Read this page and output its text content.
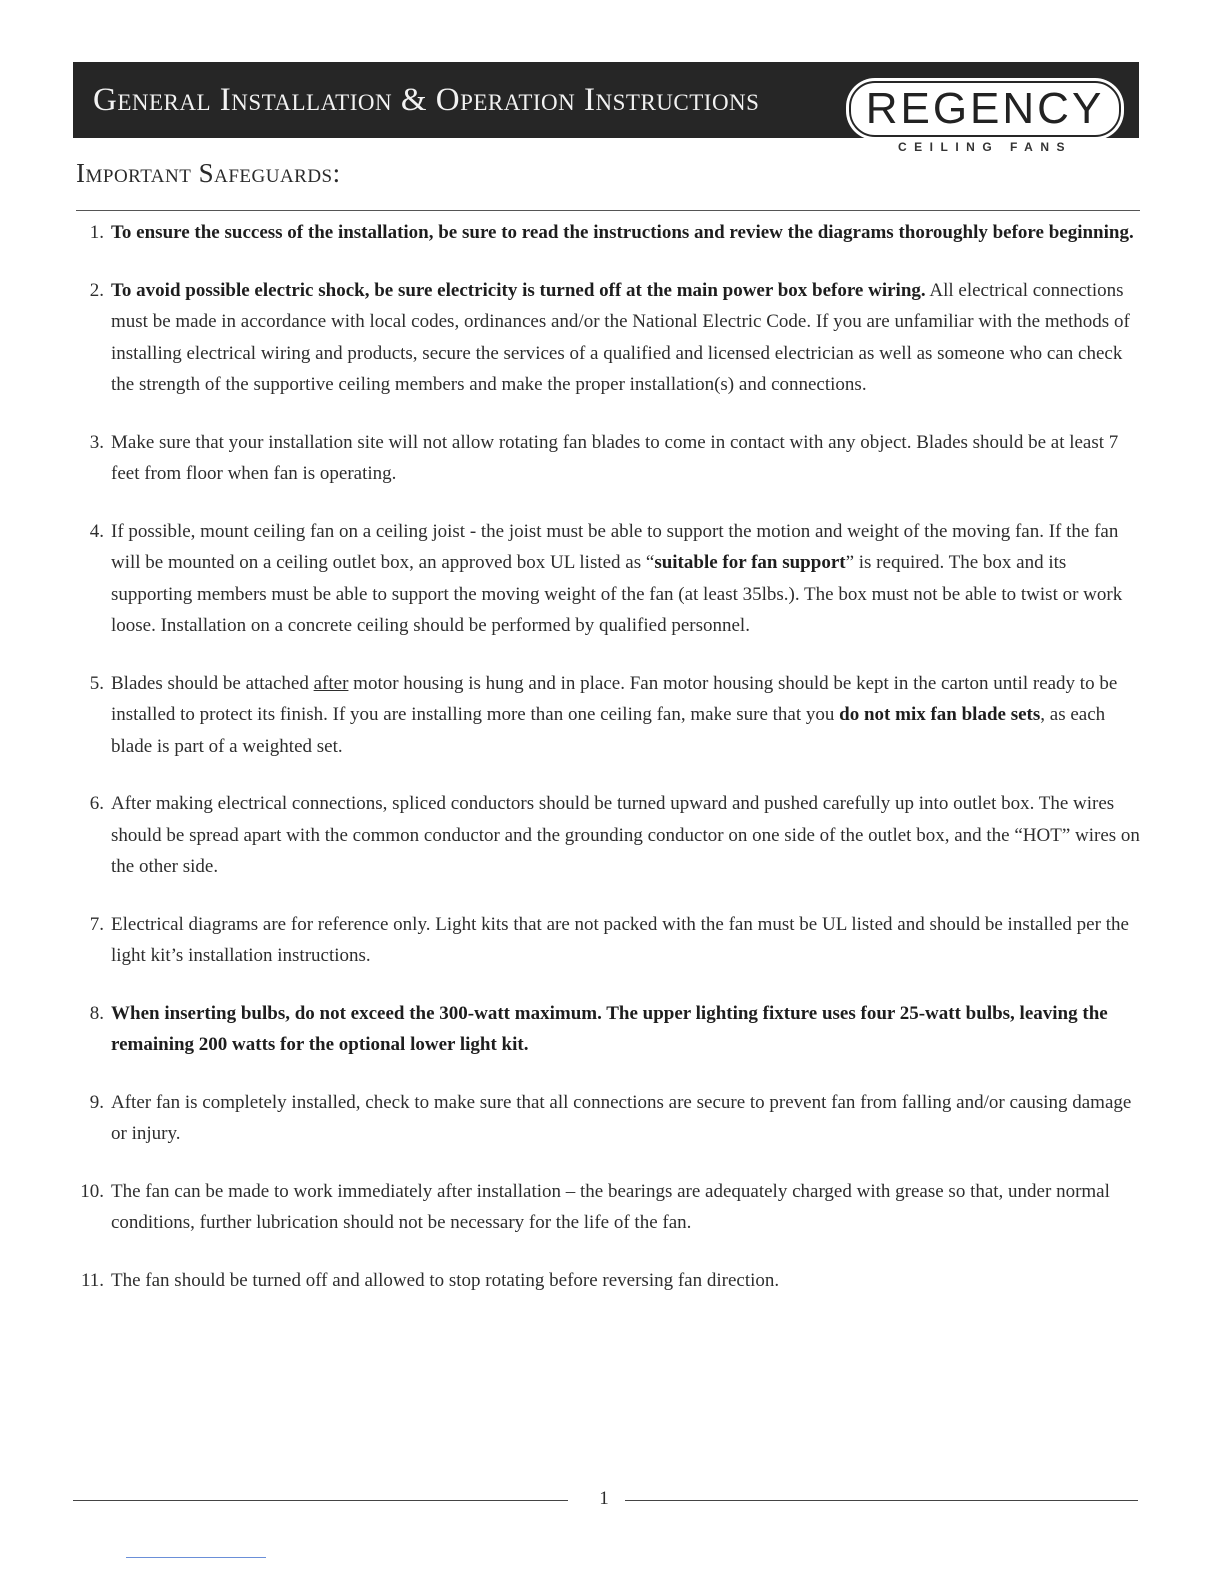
General Installation & Operation Instructions	REGENCY
CEILING FANS
Important Safeguards:
1. To ensure the success of the installation, be sure to read the instructions and review the diagrams thoroughly before beginning.
2. To avoid possible electric shock, be sure electricity is turned off at the main power box before wiring. All electrical connections must be made in accordance with local codes, ordinances and/or the National Electric Code. If you are unfamiliar with the methods of installing electrical wiring and products, secure the services of a qualified and licensed electrician as well as someone who can check the strength of the supportive ceiling members and make the proper installation(s) and connections.
3. Make sure that your installation site will not allow rotating fan blades to come in contact with any object. Blades should be at least 7 feet from floor when fan is operating.
4. If possible, mount ceiling fan on a ceiling joist - the joist must be able to support the motion and weight of the moving fan. If the fan will be mounted on a ceiling outlet box, an approved box UL listed as “suitable for fan support” is required. The box and its supporting members must be able to support the moving weight of the fan (at least 35lbs.). The box must not be able to twist or work loose. Installation on a concrete ceiling should be performed by qualified personnel.
5. Blades should be attached after motor housing is hung and in place. Fan motor housing should be kept in the carton until ready to be installed to protect its finish. If you are installing more than one ceiling fan, make sure that you do not mix fan blade sets, as each blade is part of a weighted set.
6. After making electrical connections, spliced conductors should be turned upward and pushed carefully up into outlet box. The wires should be spread apart with the common conductor and the grounding conductor on one side of the outlet box, and the “HOT” wires on the other side.
7. Electrical diagrams are for reference only. Light kits that are not packed with the fan must be UL listed and should be installed per the light kit’s installation instructions.
8. When inserting bulbs, do not exceed the 300-watt maximum. The upper lighting fixture uses four 25-watt bulbs, leaving the remaining 200 watts for the optional lower light kit.
9. After fan is completely installed, check to make sure that all connections are secure to prevent fan from falling and/or causing damage or injury.
10. The fan can be made to work immediately after installation – the bearings are adequately charged with grease so that, under normal conditions, further lubrication should not be necessary for the life of the fan.
11. The fan should be turned off and allowed to stop rotating before reversing fan direction.
1
